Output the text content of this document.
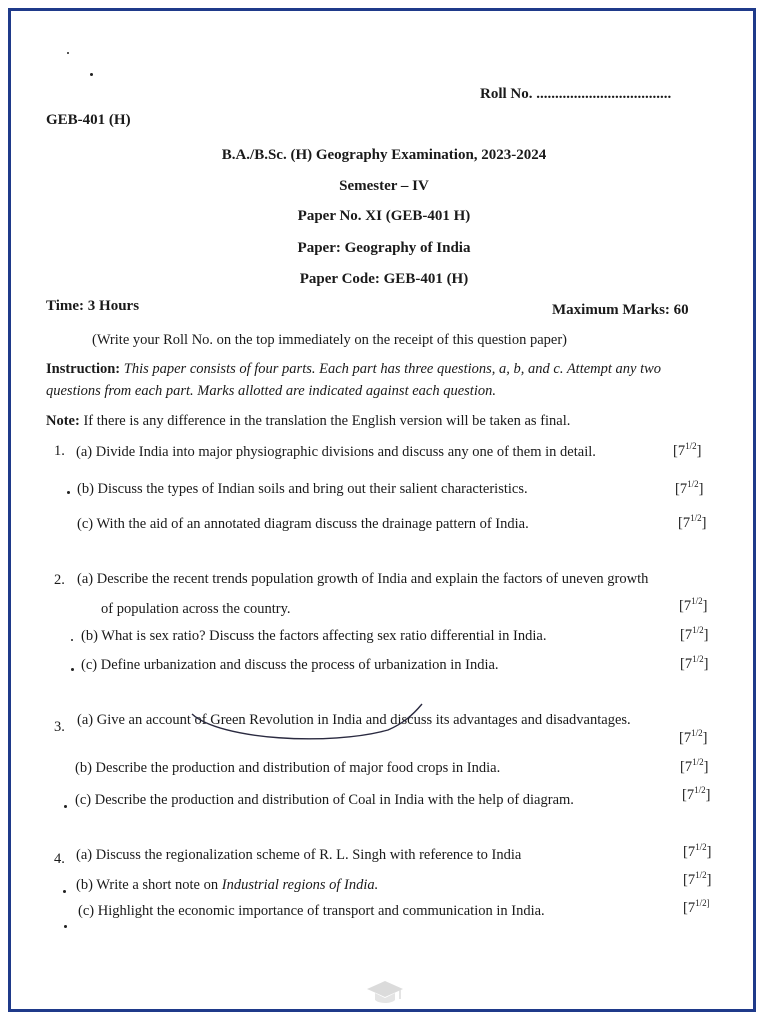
Roll No. ....................................
GEB-401 (H)
B.A./B.Sc. (H) Geography Examination, 2023-2024
Semester – IV
Paper No. XI (GEB-401 H)
Paper: Geography of India
Paper Code: GEB-401 (H)
Time: 3 Hours	Maximum Marks: 60
(Write your Roll No. on the top immediately on the receipt of this question paper)
Instruction: This paper consists of four parts. Each part has three questions, a, b, and c. Attempt any two
questions from each part. Marks allotted are indicated against each question.
Note: If there is any difference in the translation the English version will be taken as final.
1. (a) Divide India into major physiographic divisions and discuss any one of them in detail.	$[7^{1/2}]$
(b) Discuss the types of Indian soils and bring out their salient characteristics.	$[7^{1/2}]$
(c) With the aid of an annotated diagram discuss the drainage pattern of India.	$[7^{1/2}]$
2. (a) Describe the recent trends population growth of India and explain the factors of uneven growth
of population across the country.	$[7^{1/2}]$
(b) What is sex ratio? Discuss the factors affecting sex ratio differential in India.	$[7^{1/2}]$
(c) Define urbanization and discuss the process of urbanization in India.	$[7^{1/2}]$
3. (a) Give an account of Green Revolution in India and discuss its advantages and disadvantages.
$[7^{1/2}]$
(b) Describe the production and distribution of major food crops in India.	$[7^{1/2}]$
(c) Describe the production and distribution of Coal in India with the help of diagram.	$[7^{1/2}]$
4. (a) Discuss the regionalization scheme of R. L. Singh with reference to India	$[7^{1/2}]$
(b) Write a short note on Industrial regions of India.	$[7^{1/2}]$
(c) Highlight the economic importance of transport and communication in India.	[$7^{1/2]}$
